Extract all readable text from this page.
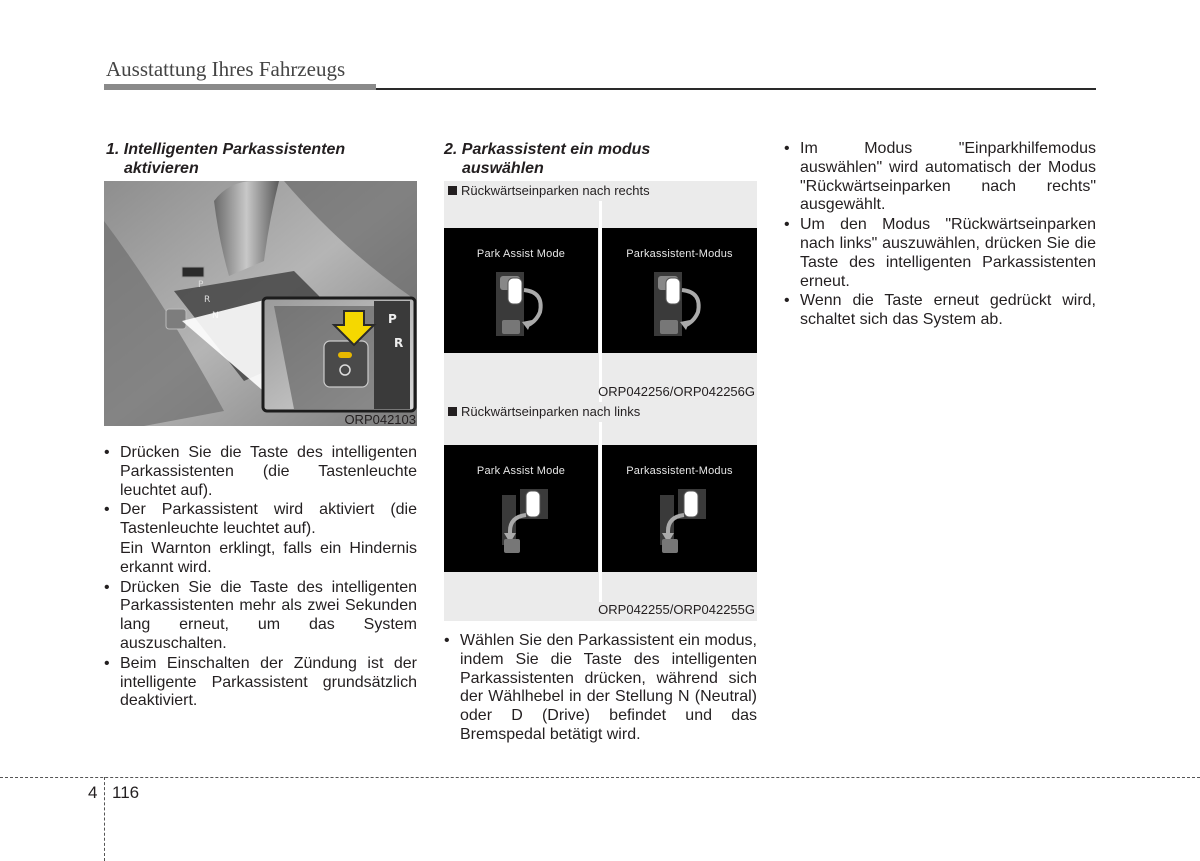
Ausstattung Ihres Fahrzeugs
1. Intelligenten Parkassistenten
aktivieren
P
R
P
R
ORP042103
• Drücken Sie die Taste des intelligenten Parkassistenten (die Tastenleuchte leuchtet auf).
• Der Parkassistent wird aktiviert (die Tastenleuchte leuchtet auf).
Ein Warnton erklingt, falls ein Hindernis erkannt wird.
• Drücken Sie die Taste des intelligenten Parkassistenten mehr als zwei Sekunden lang erneut, um das System auszuschalten.
• Beim Einschalten der Zündung ist der intelligente Parkassistent grundsätzlich deaktiviert.
2. Parkassistent ein modus
auswählen
Rückwärtseinparken nach rechts
Park Assist Mode	Parkassistent-Modus
ORP042256/ORP042256G
Rückwärtseinparken nach links
Park Assist Mode	Parkassistent-Modus
ORP042255/ORP042255G
• Wählen Sie den Parkassistent ein modus, indem Sie die Taste des intelligenten Parkassistenten drücken, während sich der Wählhebel in der Stellung N (Neutral) oder D (Drive) befindet und das Bremspedal betätigt wird.
• Im Modus "Einparkhilfemodus auswählen" wird automatisch der Modus "Rückwärtseinparken nach rechts" ausgewählt.
• Um den Modus "Rückwärtseinparken nach links" auszuwählen, drücken Sie die Taste des intelligenten Parkassistenten erneut.
• Wenn die Taste erneut gedrückt wird, schaltet sich das System ab.
4 116
